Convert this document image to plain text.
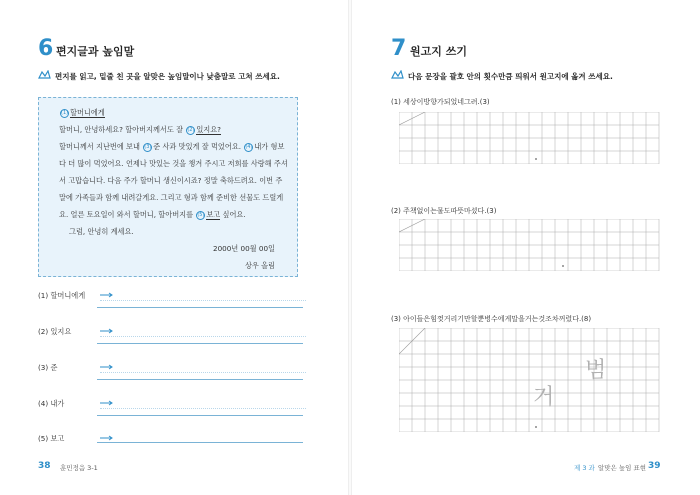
6 편지글과 높임말
편지를 읽고, 밑줄 친 곳을 알맞은 높임말이나 낮춤말로 고쳐 쓰세요.
(1) 할머니에게
할머니, 안녕하세요? 할아버지께서도 잘 (2) 있지요?
할머니께서 지난번에 보내 (3) 준 사과 맛있게 잘 먹었어요. (4) 내가 형보
다 더 많이 먹었어요. 언제나 맛있는 것을 챙겨 주시고 저희를 사랑해 주셔
서 고맙습니다. 다음 주가 할머니 생신이시죠? 정말 축하드려요. 이번 주
말에 가족들과 함께 내려갈게요. 그리고 형과 함께 준비한 선물도 드릴게
요. 얼른 토요일이 와서 할머니, 할아버지를 (5) 보고 싶어요.
그럼, 안녕히 계세요.
2000년 00월 00일
상우 올림
(1) 할머니에게
(2) 있지요
(3) 준
(4) 내가
(5) 보고
38 훈민정음 3-1
7 원고지 쓰기
다음 문장을 괄호 안의 횟수만큼 띄워서 원고지에 옮겨 쓰세요.
(1) 세상이방향가되었네그려.(3)
(2) 주책없이는물도따뜻마셨다.(3)
(3) 아이들은힘껏거리기만할뿐병수에게말을거는것조차꺼렸다.(8)
거
범
제 3 과 알맞은 높임 표현 39
